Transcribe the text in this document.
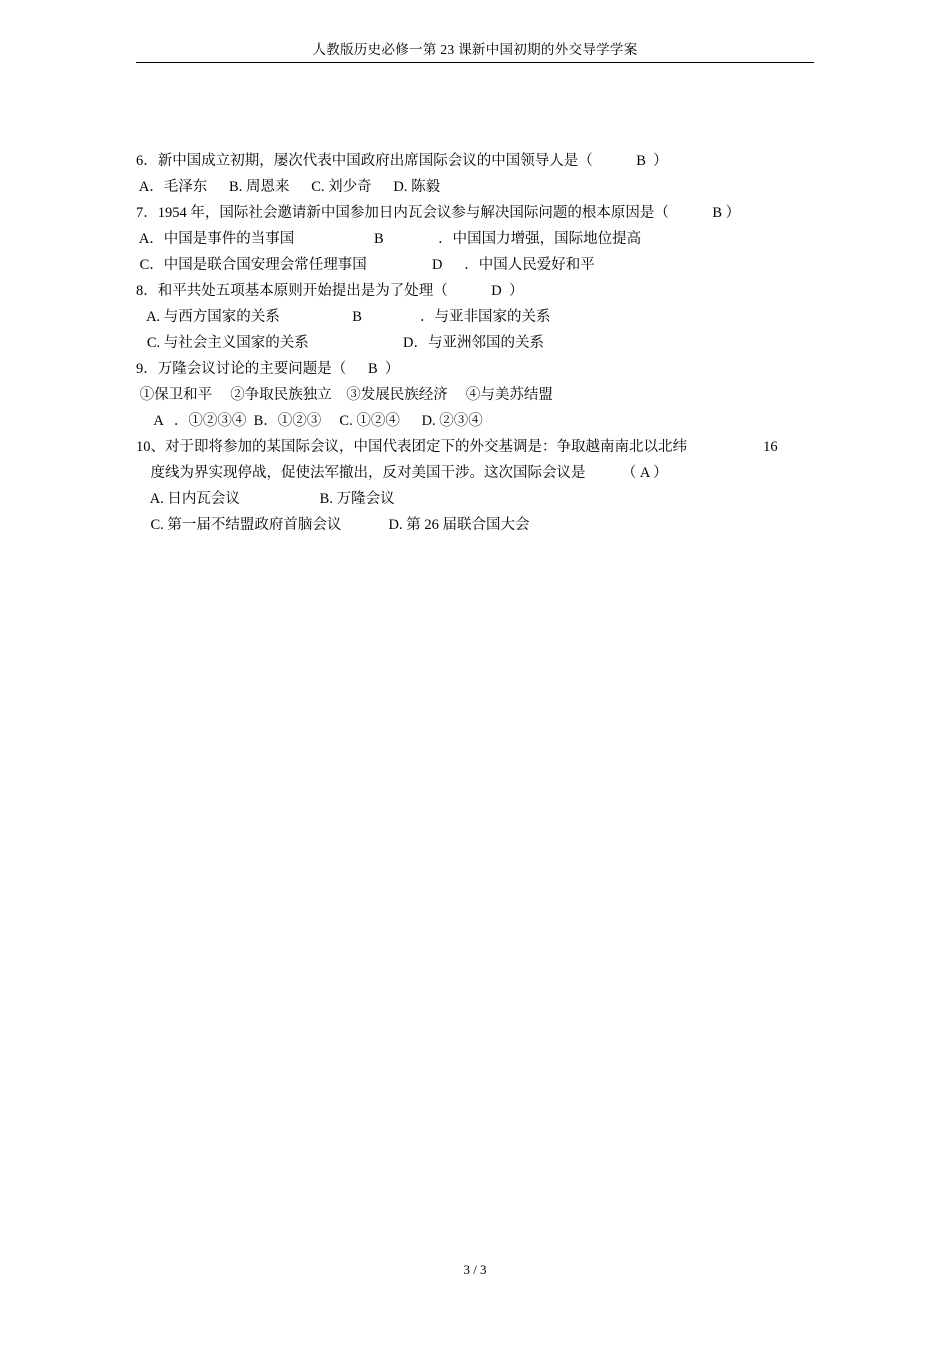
人教版历史必修一第 23 课新中国初期的外交导学学案
6．新中国成立初期，屡次代表中国政府出席国际会议的中国领导人是（            B  ）
A．毛泽东      B. 周恩来      C. 刘少奇      D. 陈毅
7．1954 年，国际社会邀请新中国参加日内瓦会议参与解决国际问题的根本原因是（            B ）
A．中国是事件的当事国                      B               ．中国国力增强，国际地位提高
C．中国是联合国安理会常任理事国                  D      ．中国人民爱好和平
8．和平共处五项基本原则开始提出是为了处理（            D  ）
A. 与西方国家的关系                    B                ．与亚非国家的关系
C. 与社会主义国家的关系                          D．与亚洲邻国的关系
9．万隆会议讨论的主要问题是（      B  ）
①保卫和平     ②争取民族独立    ③发展民族经济     ④与美苏结盟
A   ．①②③④  B．①②③     C. ①②④      D. ②③④
10、对于即将参加的某国际会议，中国代表团定下的外交基调是：争取越南南北以北纬                     16
度线为界实现停战，促使法军撤出，反对美国干涉。这次国际会议是          （ A ）
A. 日内瓦会议                      B. 万隆会议
C. 第一届不结盟政府首脑会议             D. 第 26 届联合国大会
3 / 3
